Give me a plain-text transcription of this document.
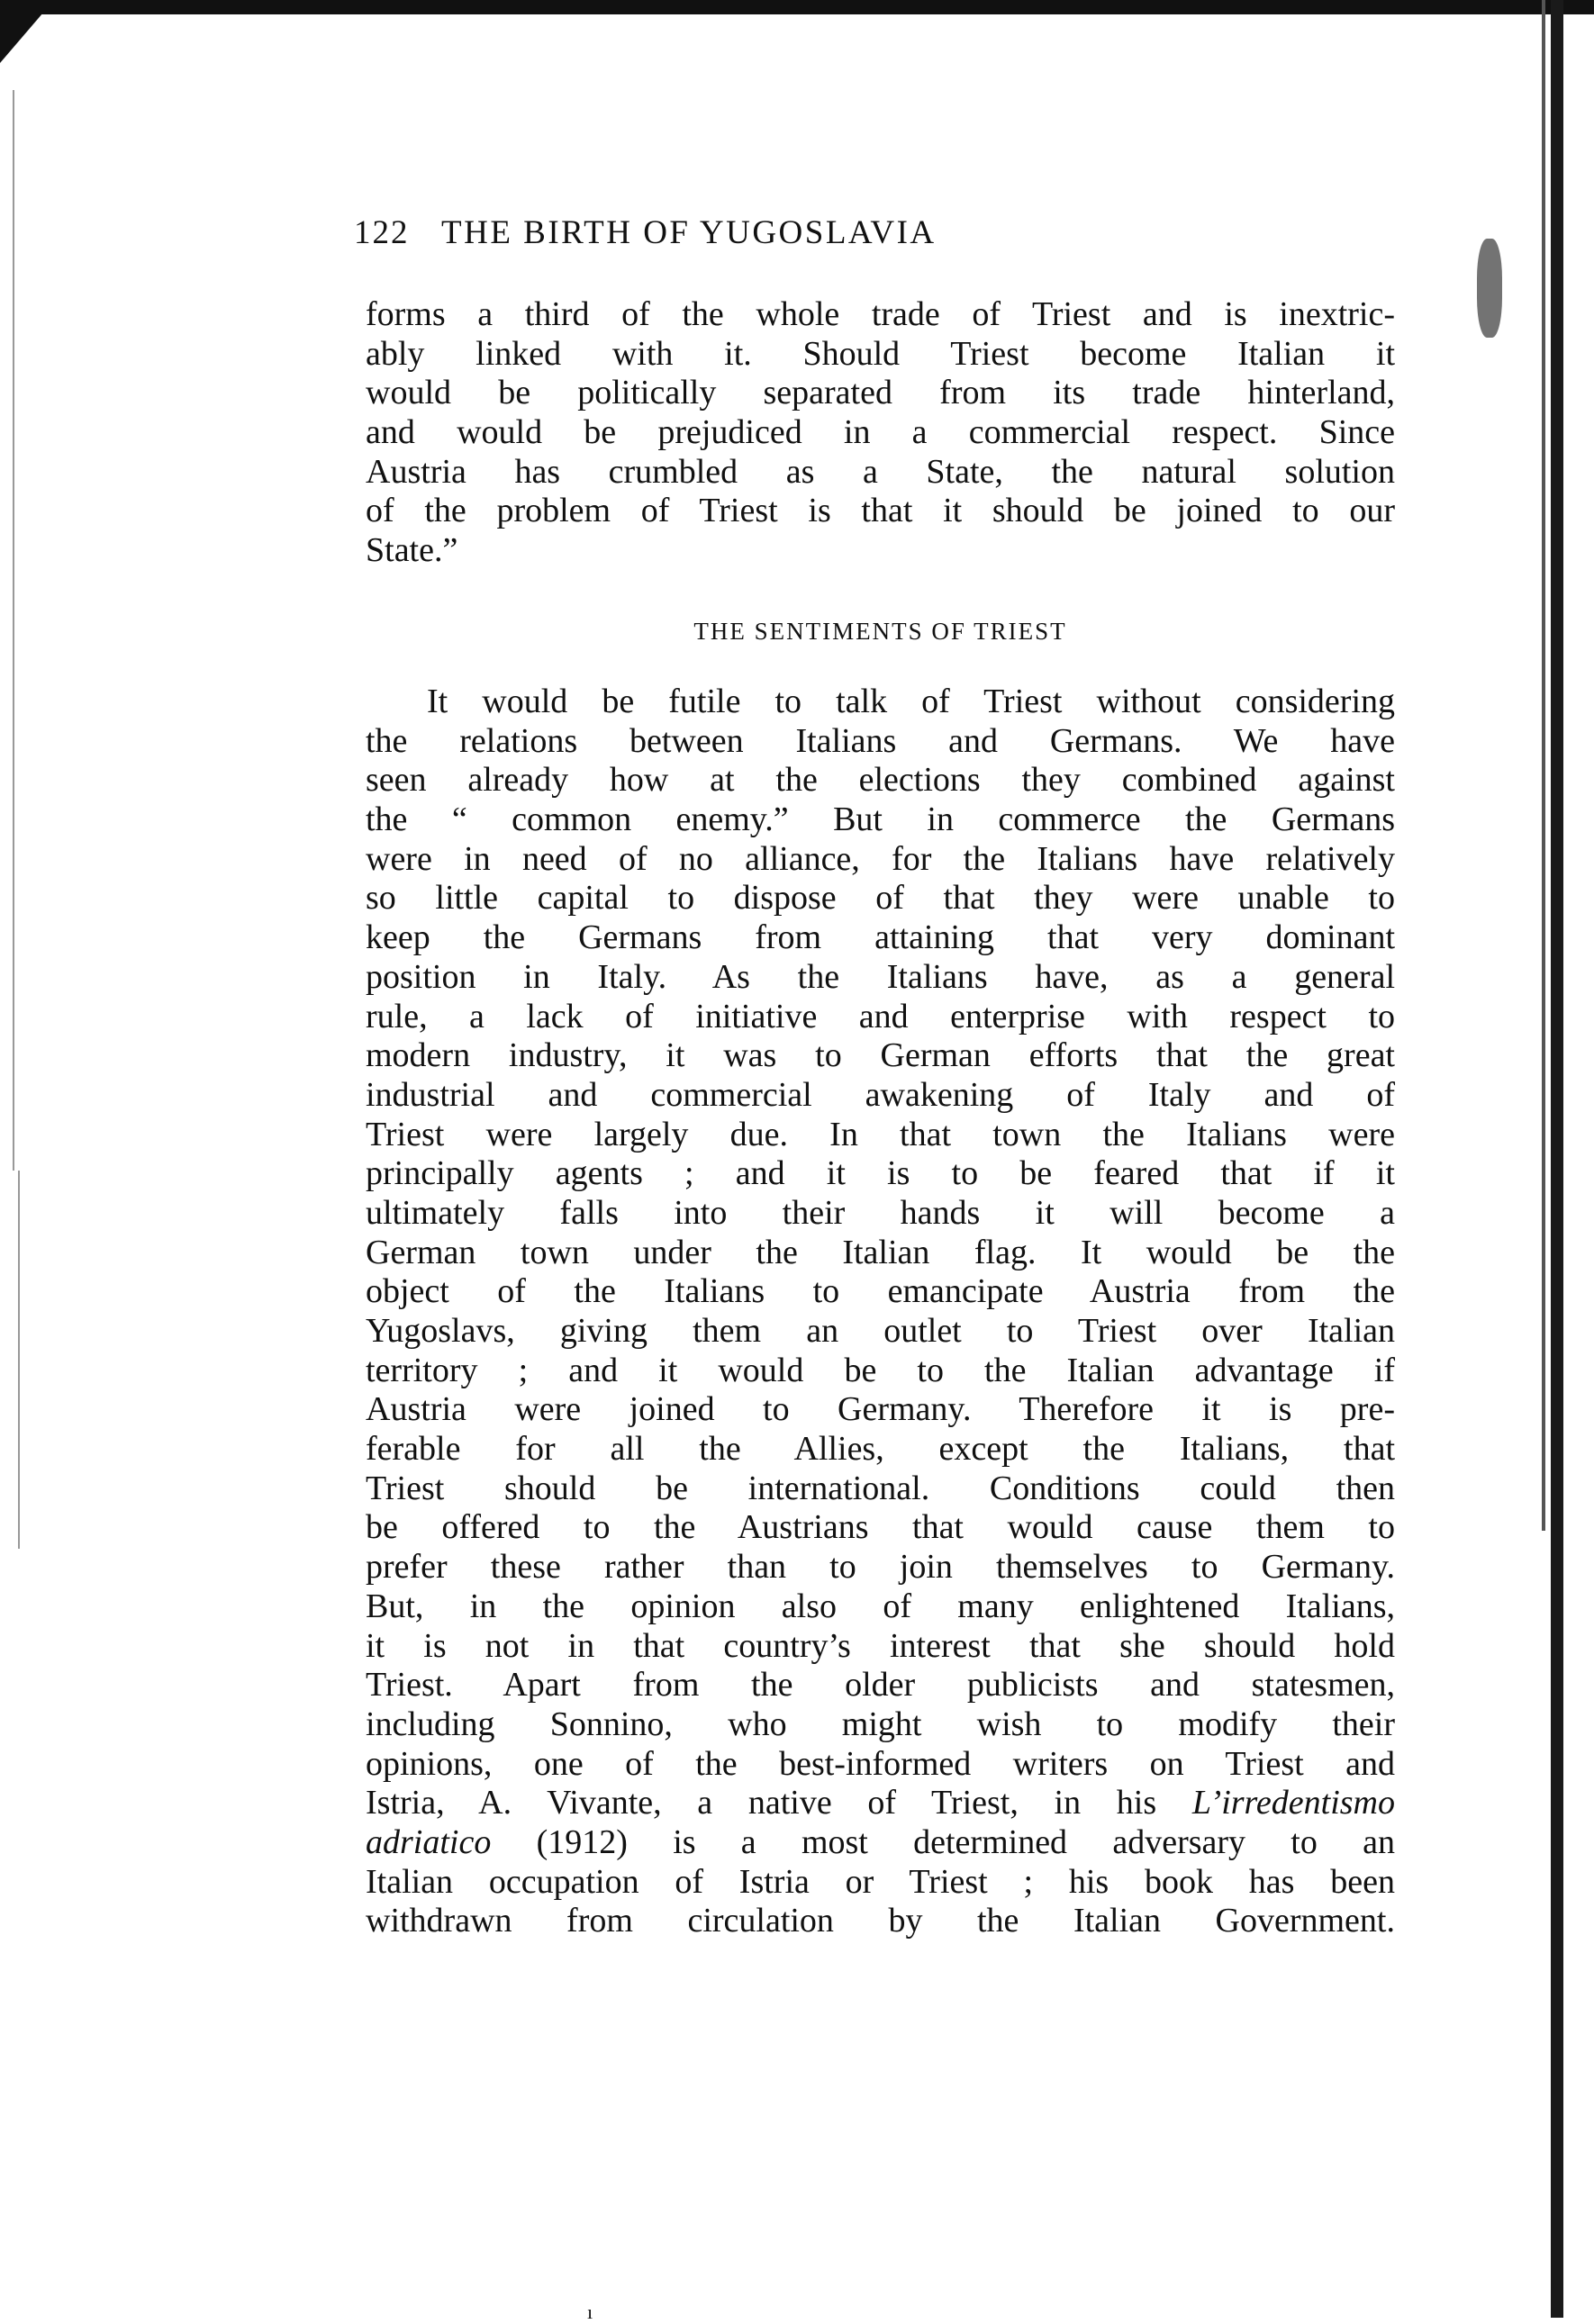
122 THE BIRTH OF YUGOSLAVIA
forms a third of the whole trade of Triest and is inextric-
ably linked with it. Should Triest become Italian it
would be politically separated from its trade hinterland,
and would be prejudiced in a commercial respect. Since
Austria has crumbled as a State, the natural solution
of the problem of Triest is that it should be joined to our
State.”
THE SENTIMENTS OF TRIEST
It would be futile to talk of Triest without considering
the relations between Italians and Germans. We have
seen already how at the elections they combined against
the “ common enemy.” But in commerce the Germans
were in need of no alliance, for the Italians have relatively
so little capital to dispose of that they were unable to
keep the Germans from attaining that very dominant
position in Italy. As the Italians have, as a general
rule, a lack of initiative and enterprise with respect to
modern industry, it was to German efforts that the great
industrial and commercial awakening of Italy and of
Triest were largely due. In that town the Italians were
principally agents ; and it is to be feared that if it
ultimately falls into their hands it will become a
German town under the Italian flag. It would be the
object of the Italians to emancipate Austria from the
Yugoslavs, giving them an outlet to Triest over Italian
territory ; and it would be to the Italian advantage if
Austria were joined to Germany. Therefore it is pre-
ferable for all the Allies, except the Italians, that
Triest should be international. Conditions could then
be offered to the Austrians that would cause them to
prefer these rather than to join themselves to Germany.
But, in the opinion also of many enlightened Italians,
it is not in that country’s interest that she should hold
Triest. Apart from the older publicists and statesmen,
including Sonnino, who might wish to modify their
opinions, one of the best-informed writers on Triest and
Istria, A. Vivante, a native of Triest, in his L’irredentismo
adriatico (1912) is a most determined adversary to an
Italian occupation of Istria or Triest ; his book has been
withdrawn from circulation by the Italian Government.
ı
